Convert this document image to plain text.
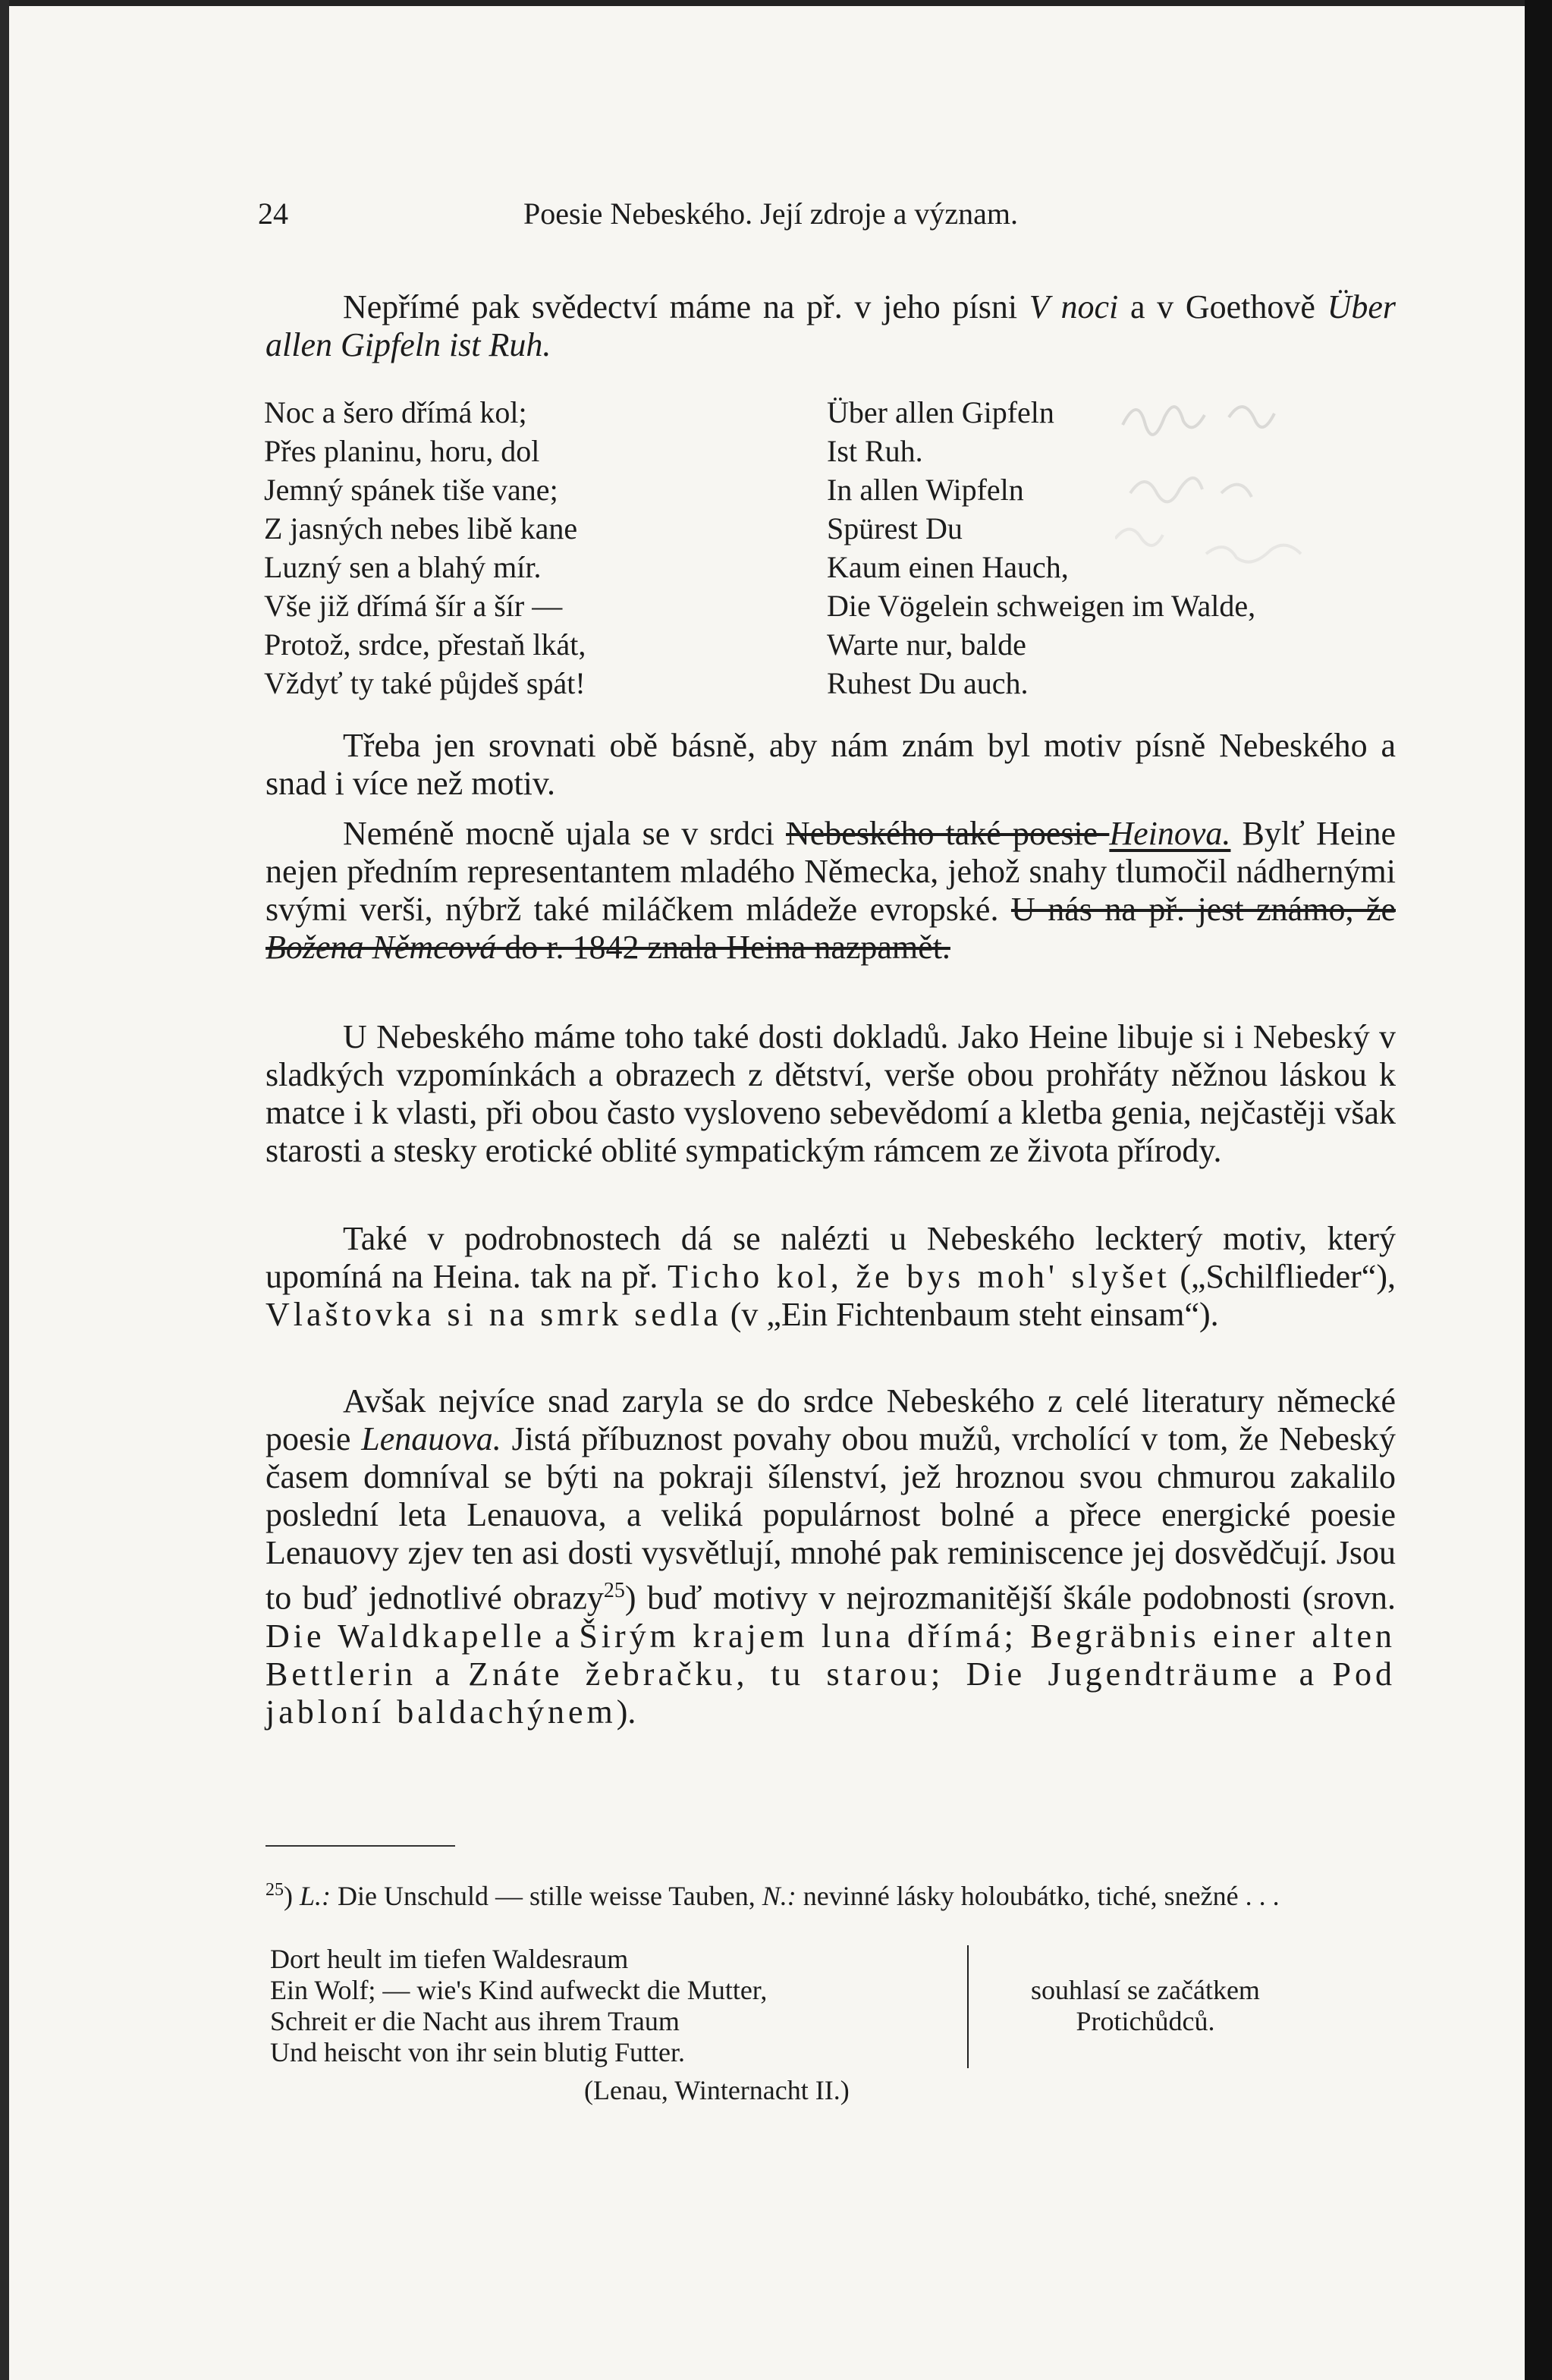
24	Poesie Nebeského. Její zdroje a význam.

Nepřímé pak svědectví máme na př. v jeho písni V noci a v Goethově Über allen Gipfeln ist Ruh.

Noc a šero dřímá kol;
Přes planinu, horu, dol
Jemný spánek tiše vane;
Z jasných nebes libě kane
Luzný sen a blahý mír.
Vše již dřímá šír a šír —
Protož, srdce, přestaň lkát,
Vždyť ty také půjdeš spát!
Über allen Gipfeln
Ist Ruh.
In allen Wipfeln
Spürest Du
Kaum einen Hauch,
Die Vögelein schweigen im Walde,
Warte nur, balde
Ruhest Du auch.

Třeba jen srovnati obě básně, aby nám znám byl motiv písně Nebeského a snad i více než motiv.

Neméně mocně ujala se v srdci Nebeského také poesie Heinova. Bylť Heine nejen předním representantem mladého Německa, jehož snahy tlumočil nádhernými svými verši, nýbrž také miláčkem mládeže evropské. U nás na př. jest známo, že Božena Němcová do r. 1842 znala Heina nazpamět.

U Nebeského máme toho také dosti dokladů. Jako Heine libuje si i Nebeský v sladkých vzpomínkách a obrazech z dětství, verše obou prohřáty něžnou láskou k matce i k vlasti, při obou často vysloveno sebevědomí a kletba genia, nejčastěji však starosti a stesky erotické oblité sympatickým rámcem ze života přírody.

Také v podrobnostech dá se nalézti u Nebeského leckterý motiv, který upomíná na Heina. tak na př. Ticho kol, že bys moh' slyšet („Schilflieder“), Vlaštovka si na smrk sedla (v „Ein Fichtenbaum steht einsam“).

Avšak nejvíce snad zaryla se do srdce Nebeského z celé literatury německé poesie Lenauova. Jistá příbuznost povahy obou mužů, vrcholící v tom, že Nebeský časem domníval se býti na pokraji šílenství, jež hroznou svou chmurou zakalilo poslední leta Lenauova, a veliká populárnost bolné a přece energické poesie Lenauovy zjev ten asi dosti vysvětlují, mnohé pak reminiscence jej dosvědčují. Jsou to buď jednotlivé obrazy$^{25}$) buď motivy v nejrozmanitější škále podobnosti (srovn. Die Waldkapelle a Širým krajem luna dřímá; Begräbnis einer alten Bettlerin a Znáte žebračku, tu starou; Die Jugendträume a Pod jabloní baldachýnem).

$^{25}$) L.: Die Unschuld — stille weisse Tauben, N.: nevinné lásky holoubátko, tiché, snežné . . .
Dort heult im tiefen Waldesraum
Ein Wolf; — wie's Kind aufweckt die Mutter,
Schreit er die Nacht aus ihrem Traum
Und heischt von ihr sein blutig Futter.
souhlasí se začátkem
Protichůdců.
(Lenau, Winternacht II.)
